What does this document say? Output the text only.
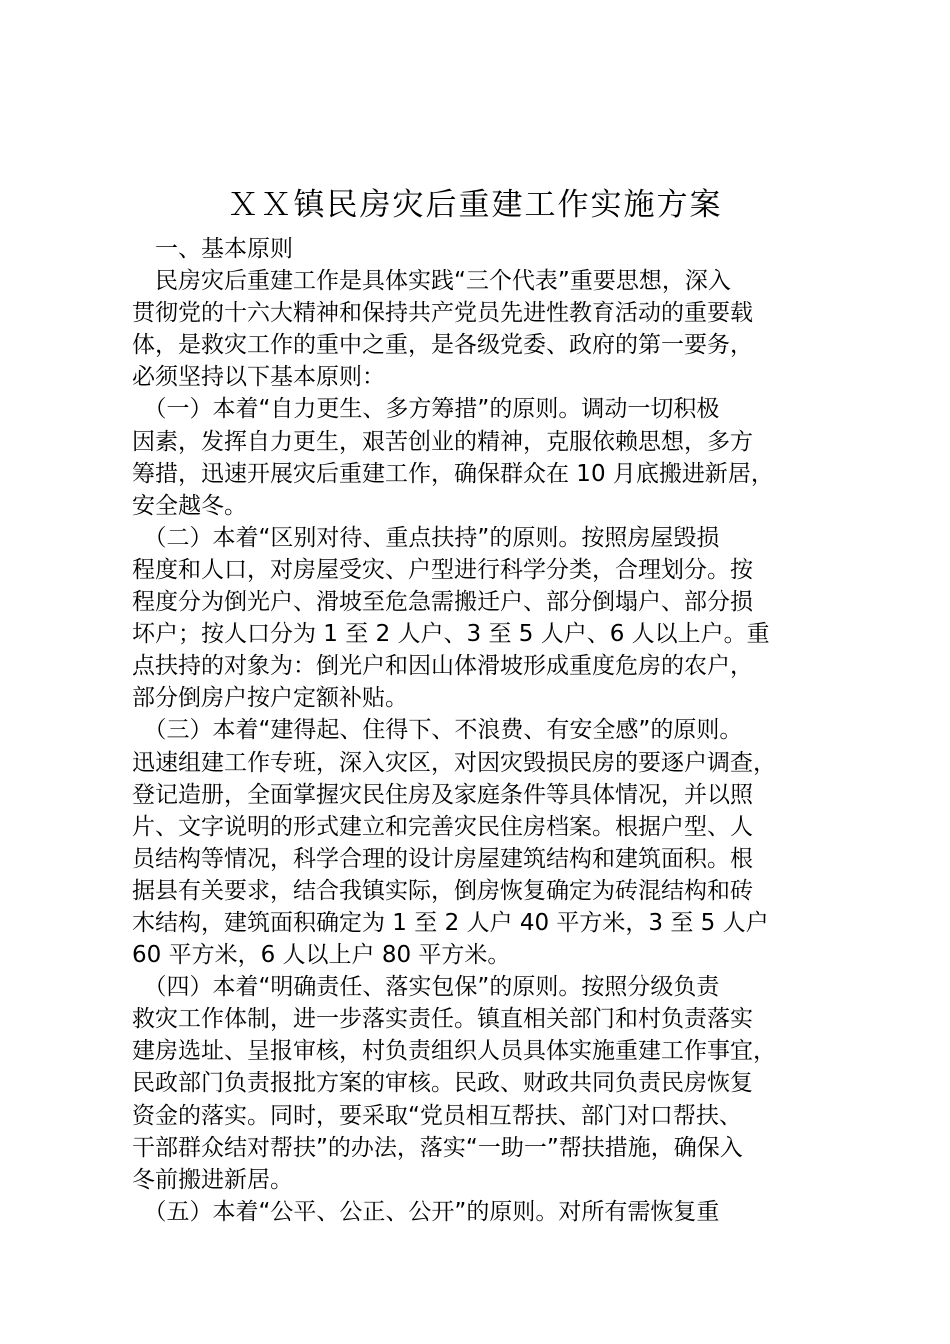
ＸＸ镇民房灾后重建工作实施方案
　一、基本原则
　民房灾后重建工作是具体实践“三个代表”重要思想，深入
贯彻党的十六大精神和保持共产党员先进性教育活动的重要载
体，是救灾工作的重中之重，是各级党委、政府的第一要务，
必须坚持以下基本原则：
　（一）本着“自力更生、多方筹措”的原则。调动一切积极
因素，发挥自力更生，艰苦创业的精神，克服依赖思想，多方
筹措，迅速开展灾后重建工作，确保群众在 10 月底搬进新居，
安全越冬。
　（二）本着“区别对待、重点扶持”的原则。按照房屋毁损
程度和人口，对房屋受灾、户型进行科学分类，合理划分。按
程度分为倒光户、滑坡至危急需搬迁户、部分倒塌户、部分损
坏户；按人口分为 1 至 2 人户、3 至 5 人户、6 人以上户。重
点扶持的对象为：倒光户和因山体滑坡形成重度危房的农户，
部分倒房户按户定额补贴。
　（三）本着“建得起、住得下、不浪费、有安全感”的原则。
迅速组建工作专班，深入灾区，对因灾毁损民房的要逐户调查，
登记造册，全面掌握灾民住房及家庭条件等具体情况，并以照
片、文字说明的形式建立和完善灾民住房档案。根据户型、人
员结构等情况，科学合理的设计房屋建筑结构和建筑面积。根
据县有关要求，结合我镇实际，倒房恢复确定为砖混结构和砖
木结构，建筑面积确定为 1 至 2 人户 40 平方米，3 至 5 人户
60 平方米，6 人以上户 80 平方米。
　（四）本着“明确责任、落实包保”的原则。按照分级负责
救灾工作体制，进一步落实责任。镇直相关部门和村负责落实
建房选址、呈报审核，村负责组织人员具体实施重建工作事宜，
民政部门负责报批方案的审核。民政、财政共同负责民房恢复
资金的落实。同时，要采取“党员相互帮扶、部门对口帮扶、
干部群众结对帮扶”的办法，落实“一助一”帮扶措施，确保入
冬前搬进新居。
　（五）本着“公平、公正、公开”的原则。对所有需恢复重
